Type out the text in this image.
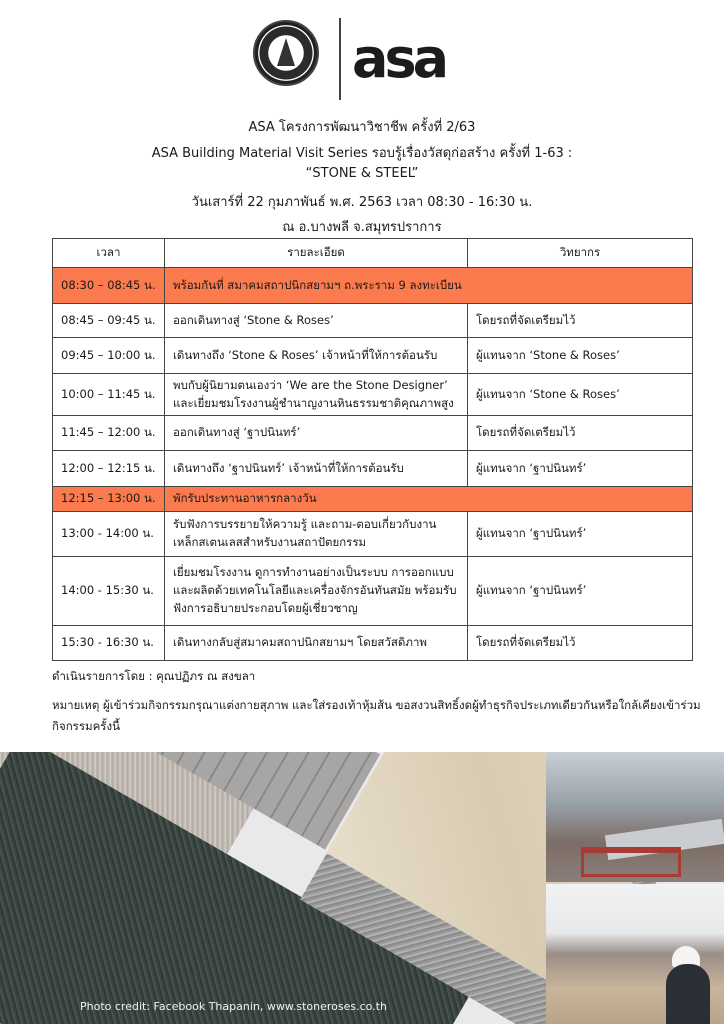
asa
ASA โครงการพัฒนาวิชาชีพ ครั้งที่ 2/63
ASA Building Material Visit Series รอบรู้เรื่องวัสดุก่อสร้าง ครั้งที่ 1-63 :
“STONE & STEEL”
วันเสาร์ที่ 22 กุมภาพันธ์ พ.ศ. 2563 เวลา 08:30 - 16:30 น.
ณ อ.บางพลี จ.สมุทรปราการ
เวลา	รายละเอียด	วิทยากร
08:30 – 08:45 น.	พร้อมกันที่ สมาคมสถาปนิกสยามฯ ถ.พระราม 9 ลงทะเบียน	
08:45 – 09:45 น.	ออกเดินทางสู่ ‘Stone & Roses’	โดยรถที่จัดเตรียมไว้
09:45 – 10:00 น.	เดินทางถึง ‘Stone & Roses’ เจ้าหน้าที่ให้การต้อนรับ	ผู้แทนจาก ‘Stone & Roses’
10:00 – 11:45 น.	พบกับผู้นิยามตนเองว่า ‘We are the Stone Designer’ และเยี่ยมชมโรงงานผู้ชำนาญงานหินธรรมชาติคุณภาพสูง	ผู้แทนจาก ‘Stone & Roses’
11:45 – 12:00 น.	ออกเดินทางสู่ ‘ฐาปนินทร์’	โดยรถที่จัดเตรียมไว้
12:00 – 12:15 น.	เดินทางถึง ‘ฐาปนินทร์’ เจ้าหน้าที่ให้การต้อนรับ	ผู้แทนจาก ‘ฐาปนินทร์’
12:15 – 13:00 น.	พักรับประทานอาหารกลางวัน	
13:00 - 14:00 น.	รับฟังการบรรยายให้ความรู้ และถาม-ตอบเกี่ยวกับงานเหล็กสเตนเลสสำหรับงานสถาปัตยกรรม	ผู้แทนจาก ‘ฐาปนินทร์’
14:00 - 15:30 น.	เยี่ยมชมโรงงาน ดูการทำงานอย่างเป็นระบบ การออกแบบและผลิตด้วยเทคโนโลยีและเครื่องจักรอันทันสมัย พร้อมรับฟังการอธิบายประกอบโดยผู้เชี่ยวชาญ	ผู้แทนจาก ‘ฐาปนินทร์’
15:30 - 16:30 น.	เดินทางกลับสู่สมาคมสถาปนิกสยามฯ โดยสวัสดิภาพ	โดยรถที่จัดเตรียมไว้
ดำเนินรายการโดย : คุณปฏิภร ณ สงขลา
หมายเหตุ ผู้เข้าร่วมกิจกรรมกรุณาแต่งกายสุภาพ และใส่รองเท้าหุ้มส้น ขอสงวนสิทธิ์งดผู้ทำธุรกิจประเภทเดียวกันหรือใกล้เคียงเข้าร่วม
กิจกรรมครั้งนี้
Photo credit: Facebook Thapanin, www.stoneroses.co.th
